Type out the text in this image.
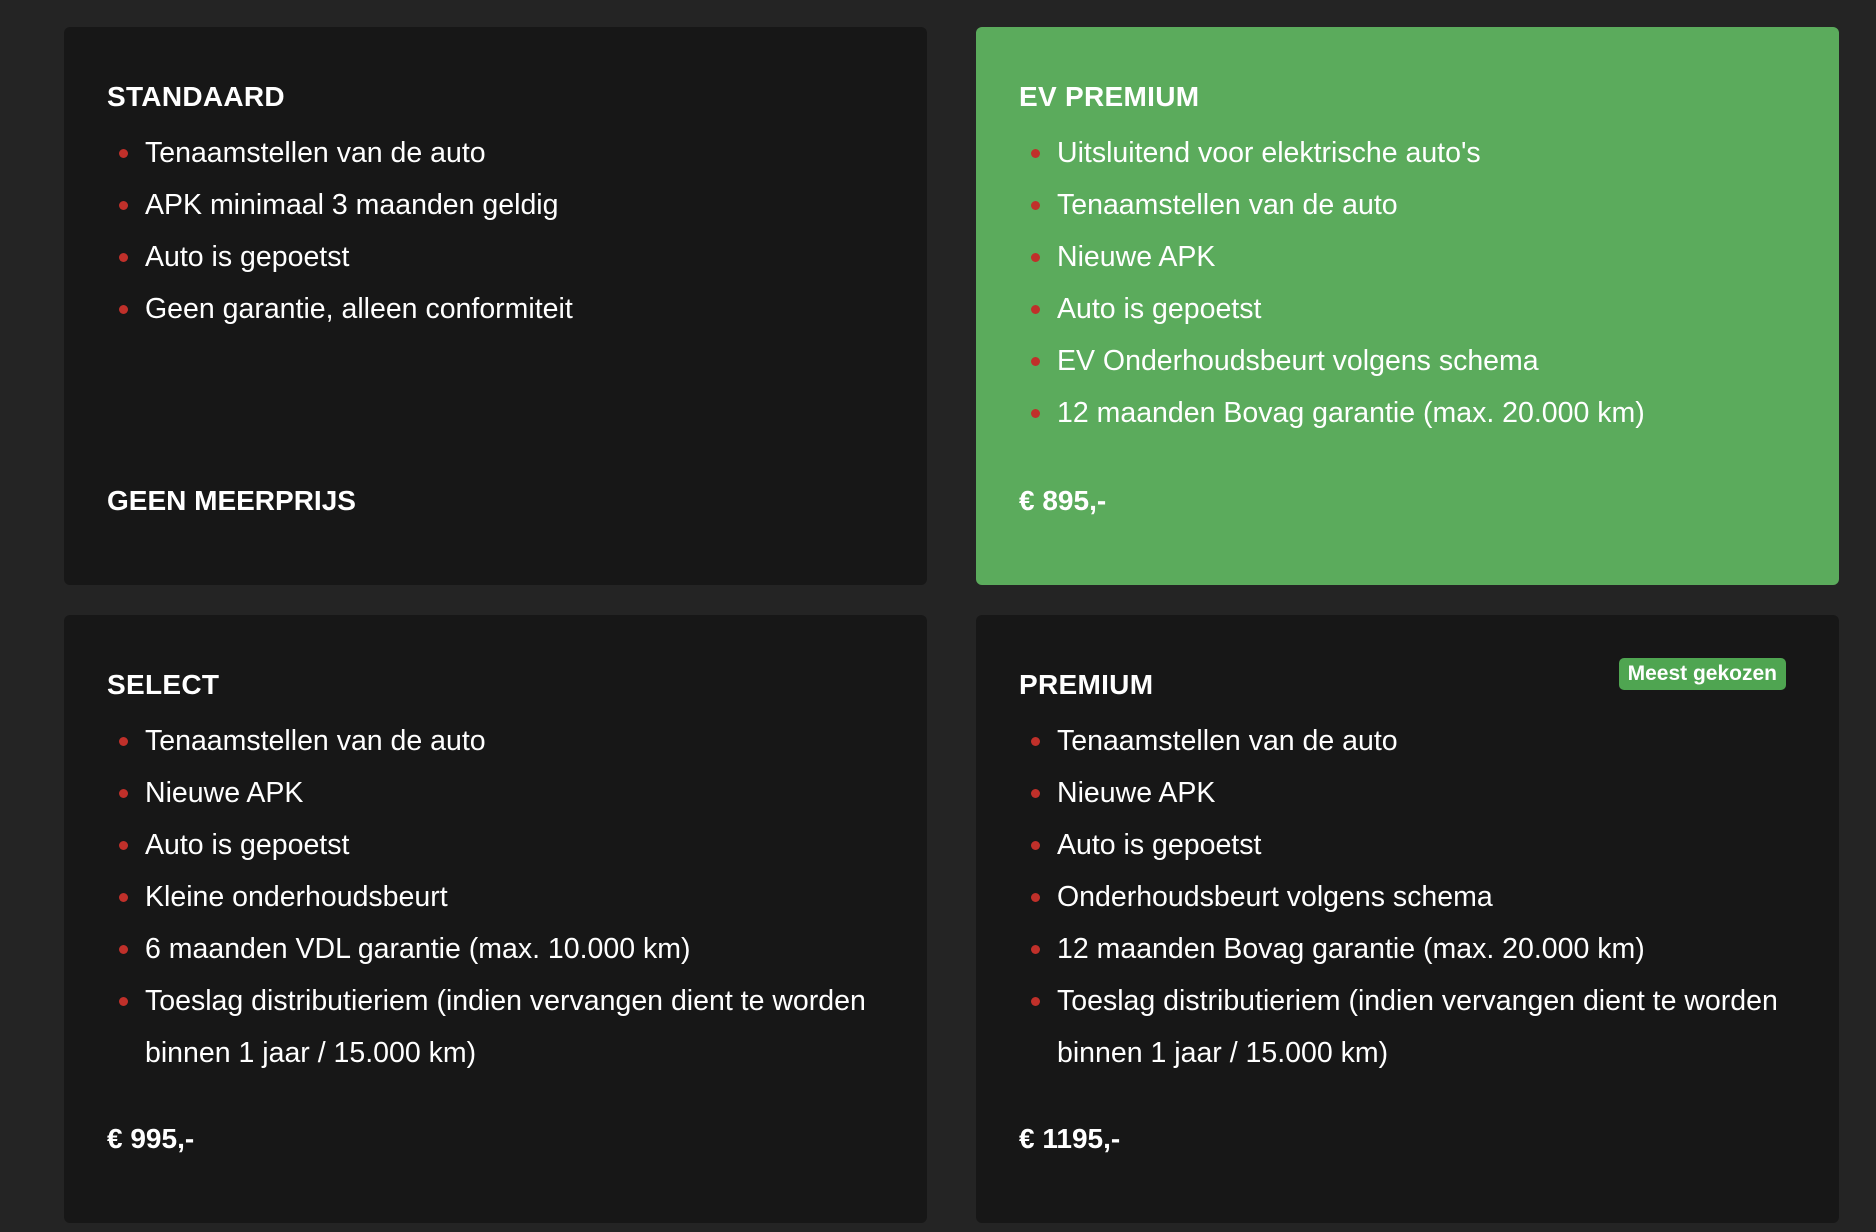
STANDAARD
Tenaamstellen van de auto
APK minimaal 3 maanden geldig
Auto is gepoetst
Geen garantie, alleen conformiteit
GEEN MEERPRIJS
EV PREMIUM
Uitsluitend voor elektrische auto's
Tenaamstellen van de auto
Nieuwe APK
Auto is gepoetst
EV Onderhoudsbeurt volgens schema
12 maanden Bovag garantie (max. 20.000 km)
€ 895,-
SELECT
Tenaamstellen van de auto
Nieuwe APK
Auto is gepoetst
Kleine onderhoudsbeurt
6 maanden VDL garantie (max. 10.000 km)
Toeslag distributieriem (indien vervangen dient te worden binnen 1 jaar / 15.000 km)
€ 995,-
Meest gekozen
PREMIUM
Tenaamstellen van de auto
Nieuwe APK
Auto is gepoetst
Onderhoudsbeurt volgens schema
12 maanden Bovag garantie (max. 20.000 km)
Toeslag distributieriem (indien vervangen dient te worden binnen 1 jaar / 15.000 km)
€ 1195,-
